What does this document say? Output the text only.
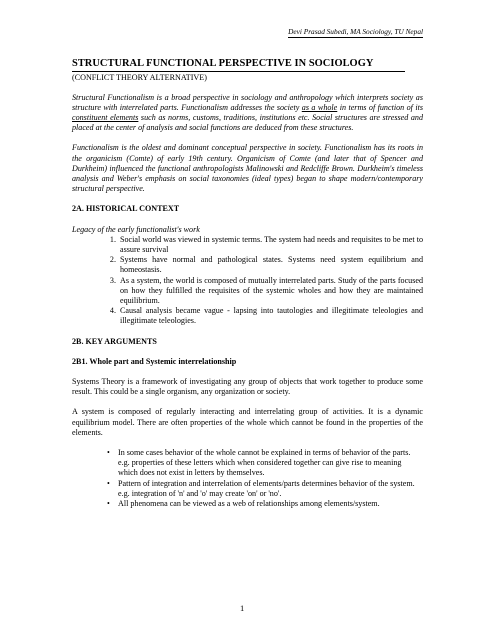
Devi Prasad Subedi, MA Sociology, TU Nepal
STRUCTURAL FUNCTIONAL PERSPECTIVE IN SOCIOLOGY
(CONFLICT THEORY ALTERNATIVE)

Structural Functionalism is a broad perspective in sociology and anthropology which interprets society as structure with interrelated parts. Functionalism addresses the society as a whole in terms of function of its constituent elements such as norms, customs, traditions, institutions etc. Social structures are stressed and placed at the center of analysis and social functions are deduced from these structures.

Functionalism is the oldest and dominant conceptual perspective in society. Functionalism has its roots in the organicism (Comte) of early 19th century. Organicism of Comte (and later that of Spencer and Durkheim) influenced the functional anthropologists Malinowski and Redcliffe Brown. Durkheim's timeless analysis and Weber's emphasis on social taxonomies (ideal types) began to shape modern/contemporary structural perspective.

2A. HISTORICAL CONTEXT

Legacy of the early functionalist's work

1. Social world was viewed in systemic terms. The system had needs and requisites to be met to assure survival
2. Systems have normal and pathological states. Systems need system equilibrium and homeostasis.
3. As a system, the world is composed of mutually interrelated parts. Study of the parts focused on how they fulfilled the requisites of the systemic wholes and how they are maintained equilibrium.
4. Causal analysis became vague - lapsing into tautologies and illegitimate teleologies and illegitimate teleologies.
2B. KEY ARGUMENTS
2B1. Whole part and Systemic interrelationship

Systems Theory is a framework of investigating any group of objects that work together to produce some result. This could be a single organism, any organization or society.

A system is composed of regularly interacting and interrelating group of activities. It is a dynamic equilibrium model. There are often properties of the whole which cannot be found in the properties of the elements.

• In some cases behavior of the whole cannot be explained in terms of behavior of the parts. e.g. properties of these letters which when considered together can give rise to meaning which does not exist in letters by themselves.
• Pattern of integration and interrelation of elements/parts determines behavior of the system. e.g. integration of 'n' and 'o' may create 'on' or 'no'.
• All phenomena can be viewed as a web of relationships among elements/system.
1
